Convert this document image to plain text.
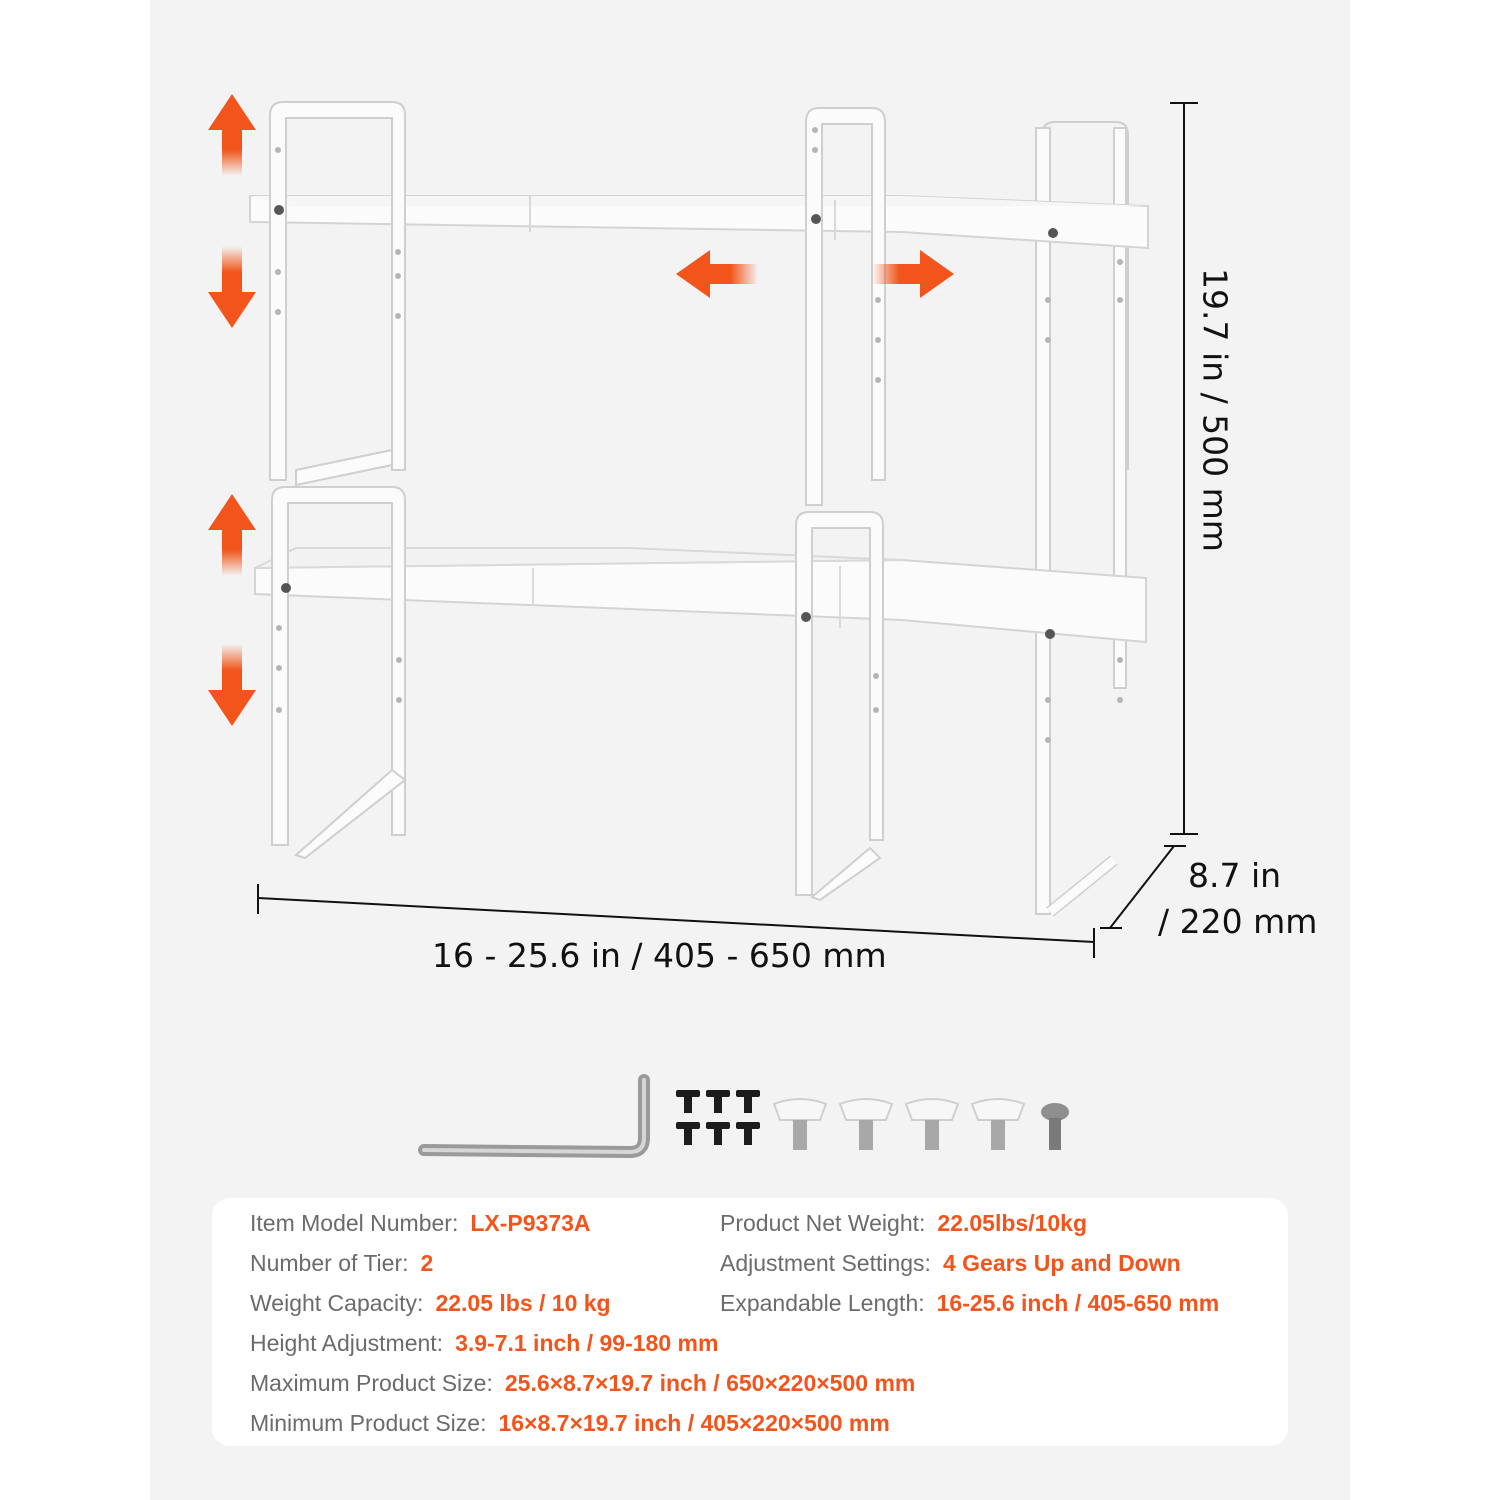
16 - 25.6 in / 405 - 650 mm
19.7 in / 500 mm
8.7 in
/ 220 mm
Item Model Number: LX-P9373A	Product Net Weight: 22.05lbs/10kg
Number of Tier: 2	Adjustment Settings: 4 Gears Up and Down
Weight Capacity: 22.05 lbs / 10 kg	Expandable Length: 16-25.6 inch / 405-650 mm
Height Adjustment: 3.9-7.1 inch / 99-180 mm
Maximum Product Size: 25.6×8.7×19.7 inch / 650×220×500 mm
Minimum Product Size: 16×8.7×19.7 inch / 405×220×500 mm
